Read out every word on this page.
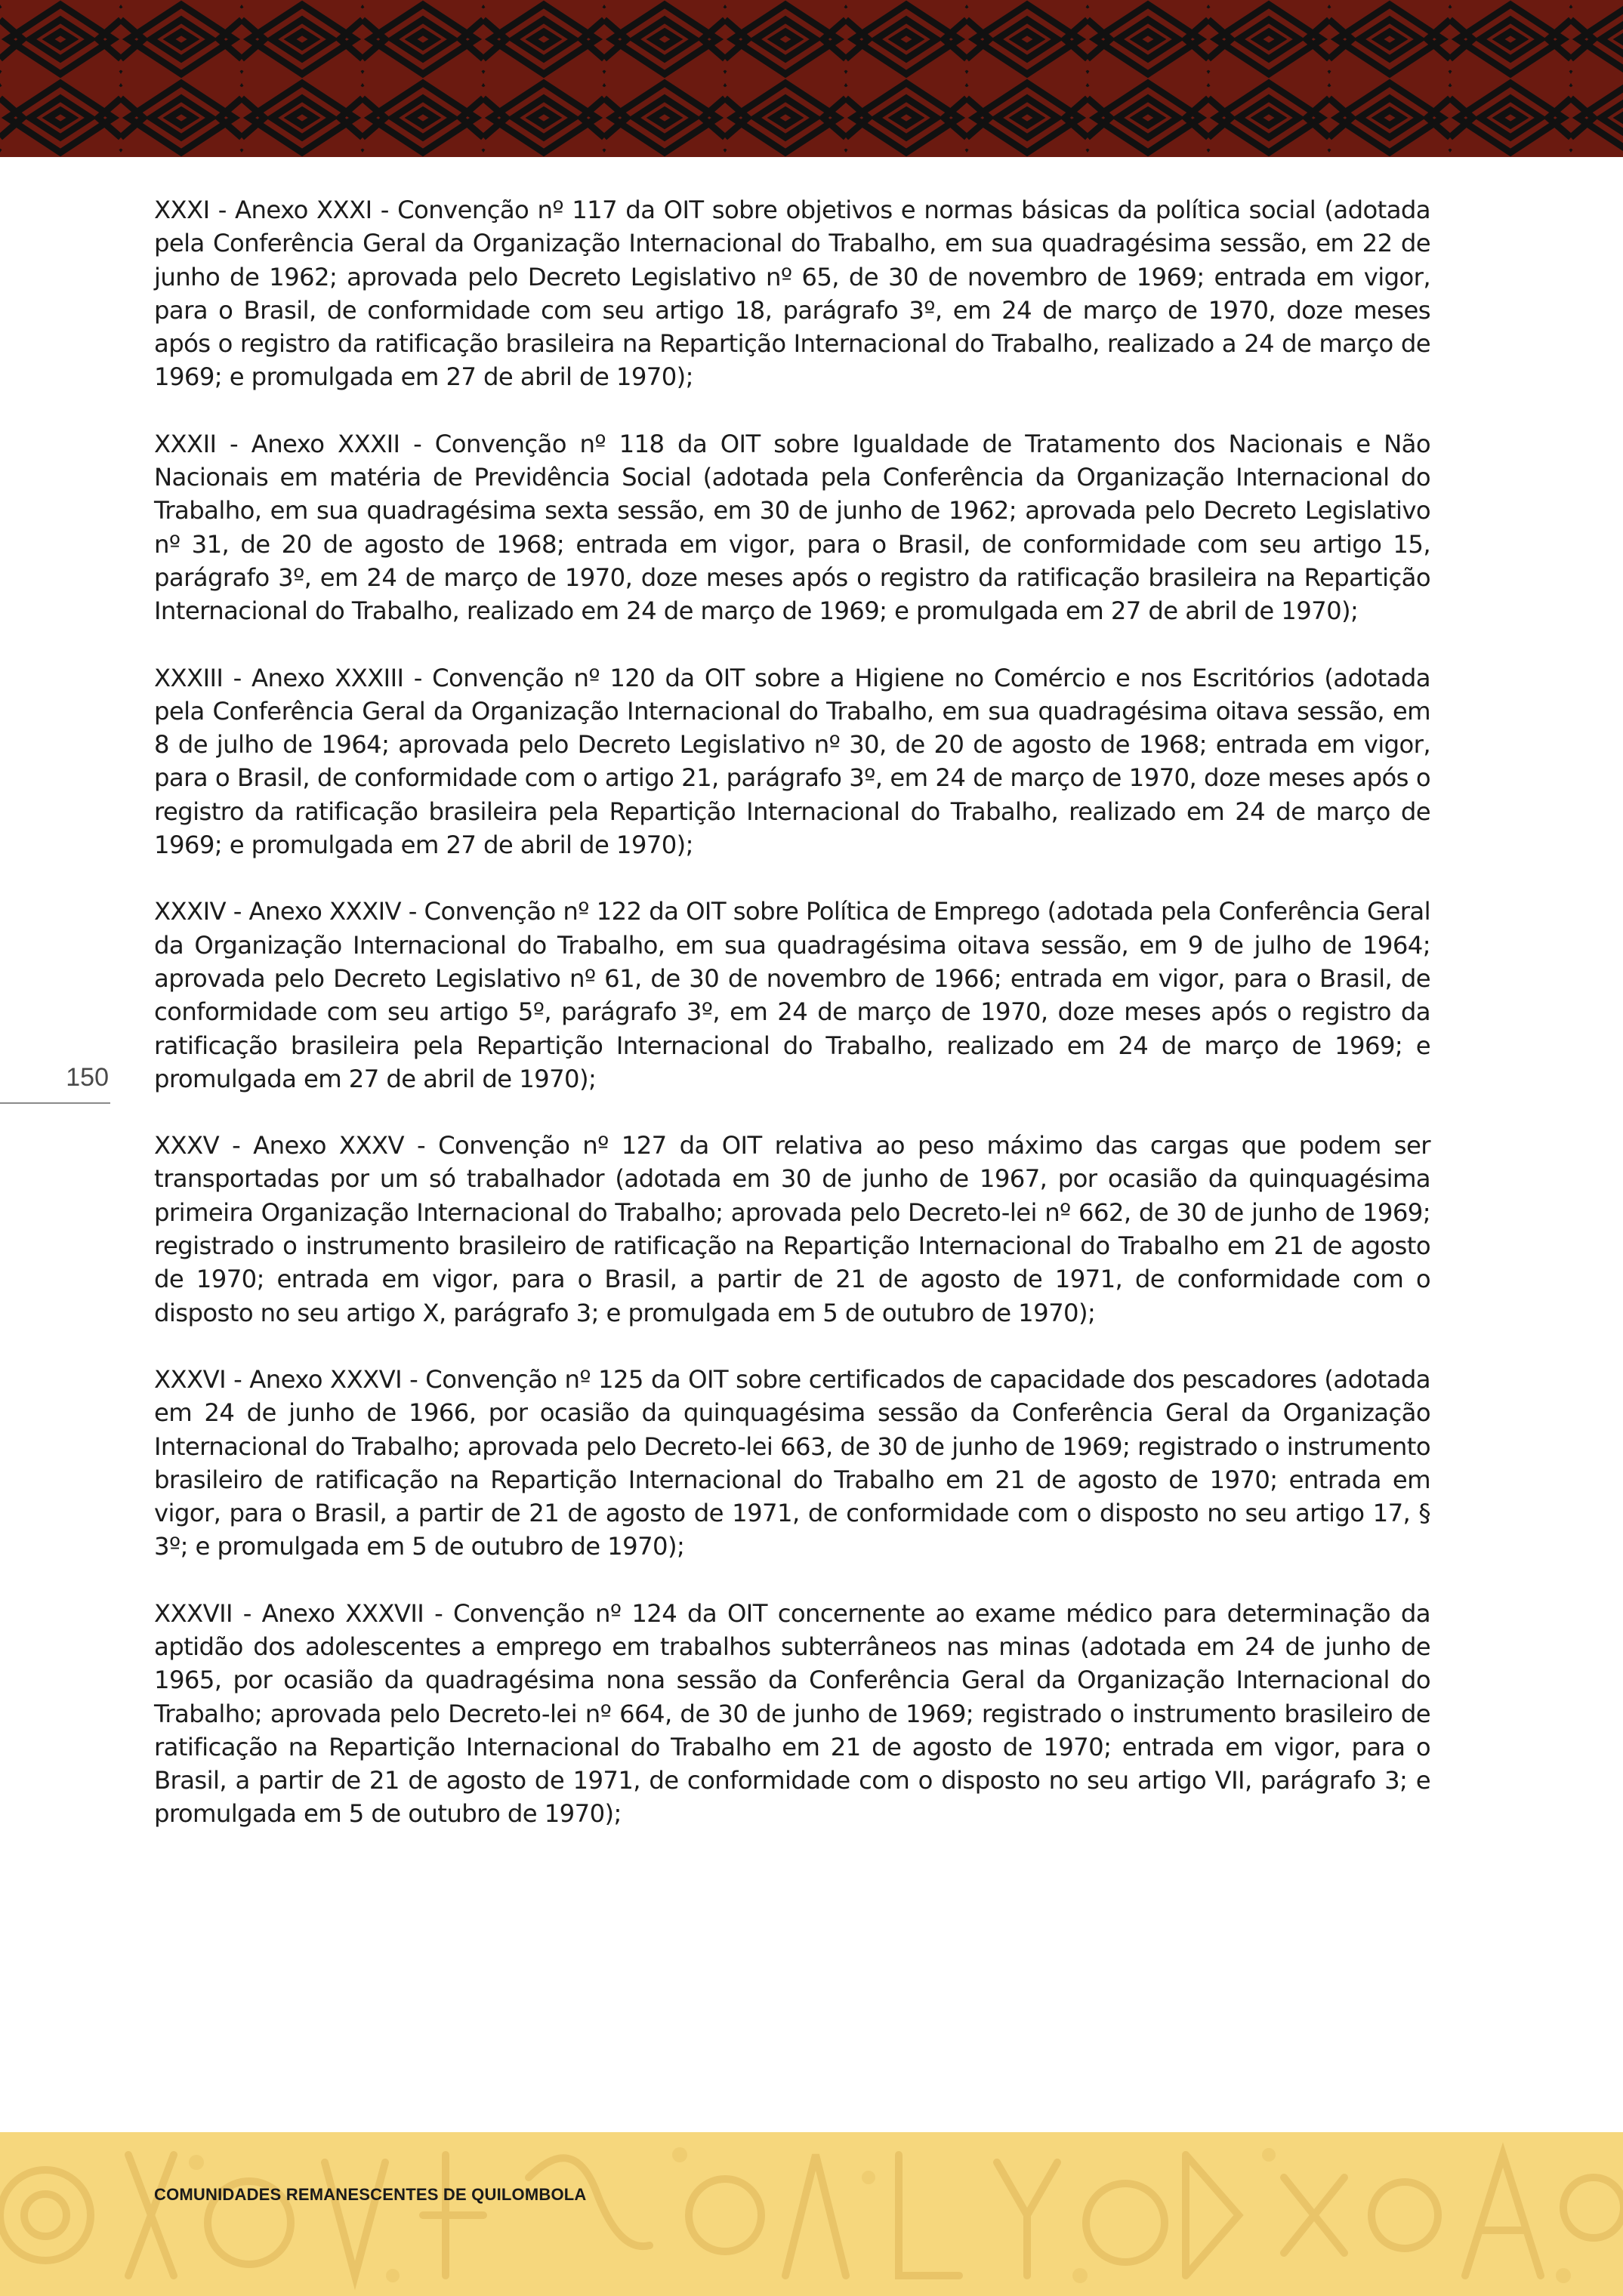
150

XXXI - Anexo XXXI - Convenção nº 117 da OIT sobre objetivos e normas básicas da política social (adotada pela Conferência Geral da Organização Internacional do Trabalho, em sua quadragésima sessão, em 22 de junho de 1962; aprovada pelo Decreto Legislativo nº 65, de 30 de novembro de 1969; entrada em vigor, para o Brasil, de conformidade com seu artigo 18, parágrafo 3º, em 24 de março de 1970, doze meses após o registro da ratificação brasileira na Repartição Internacional do Trabalho, realizado a 24 de março de 1969; e promulgada em 27 de abril de 1970);

XXXII - Anexo XXXII - Convenção nº 118 da OIT sobre Igualdade de Tratamento dos Nacionais e Não Nacionais em matéria de Previdência Social (adotada pela Conferência da Organização Internacional do Trabalho, em sua quadragésima sexta sessão, em 30 de junho de 1962; aprovada pelo Decreto Legislativo nº 31, de 20 de agosto de 1968; entrada em vigor, para o Brasil, de conformidade com seu artigo 15, parágrafo 3º, em 24 de março de 1970, doze meses após o registro da ratificação brasileira na Repartição Internacional do Trabalho, realizado em 24 de março de 1969; e promulgada em 27 de abril de 1970);

XXXIII - Anexo XXXIII - Convenção nº 120 da OIT sobre a Higiene no Comércio e nos Escritórios (adotada pela Conferência Geral da Organização Internacional do Trabalho, em sua quadragésima oitava sessão, em 8 de julho de 1964; aprovada pelo Decreto Legislativo nº 30, de 20 de agosto de 1968; entrada em vigor, para o Brasil, de conformidade com o artigo 21, parágrafo 3º, em 24 de março de 1970, doze meses após o registro da ratificação brasileira pela Repartição Internacional do Trabalho, realizado em 24 de março de 1969; e promulgada em 27 de abril de 1970);

XXXIV - Anexo XXXIV - Convenção nº 122 da OIT sobre Política de Emprego (adotada pela Conferência Geral da Organização Internacional do Trabalho, em sua quadragésima oitava sessão, em 9 de julho de 1964; aprovada pelo Decreto Legislativo nº 61, de 30 de novembro de 1966; entrada em vigor, para o Brasil, de conformidade com seu artigo 5º, parágrafo 3º, em 24 de março de 1970, doze meses após o registro da ratificação brasileira pela Repartição Internacional do Trabalho, realizado em 24 de março de 1969; e promulgada em 27 de abril de 1970);

XXXV - Anexo XXXV - Convenção nº 127 da OIT relativa ao peso máximo das cargas que podem ser transportadas por um só trabalhador (adotada em 30 de junho de 1967, por ocasião da quinquagésima primeira Organização Internacional do Trabalho; aprovada pelo Decreto-lei nº 662, de 30 de junho de 1969; registrado o instrumento brasileiro de ratificação na Repartição Internacional do Trabalho em 21 de agosto de 1970; entrada em vigor, para o Brasil, a partir de 21 de agosto de 1971, de conformidade com o disposto no seu artigo X, parágrafo 3; e promulgada em 5 de outubro de 1970);

XXXVI - Anexo XXXVI - Convenção nº 125 da OIT sobre certificados de capacidade dos pescadores (adotada em 24 de junho de 1966, por ocasião da quinquagésima sessão da Conferência Geral da Organização Internacional do Trabalho; aprovada pelo Decreto-lei 663, de 30 de junho de 1969; registrado o instrumento brasileiro de ratificação na Repartição Internacional do Trabalho em 21 de agosto de 1970; entrada em vigor, para o Brasil, a partir de 21 de agosto de 1971, de conformidade com o disposto no seu artigo 17, § 3º; e promulgada em 5 de outubro de 1970);

XXXVII - Anexo XXXVII - Convenção nº 124 da OIT concernente ao exame médico para determinação da aptidão dos adolescentes a emprego em trabalhos subterrâneos nas minas (adotada em 24 de junho de 1965, por ocasião da quadragésima nona sessão da Conferência Geral da Organização Internacional do Trabalho; aprovada pelo Decreto-lei nº 664, de 30 de junho de 1969; registrado o instrumento brasileiro de ratificação na Repartição Internacional do Trabalho em 21 de agosto de 1970; entrada em vigor, para o Brasil, a partir de 21 de agosto de 1971, de conformidade com o disposto no seu artigo VII, parágrafo 3; e promulgada em 5 de outubro de 1970);

COMUNIDADES REMANESCENTES DE QUILOMBOLA
